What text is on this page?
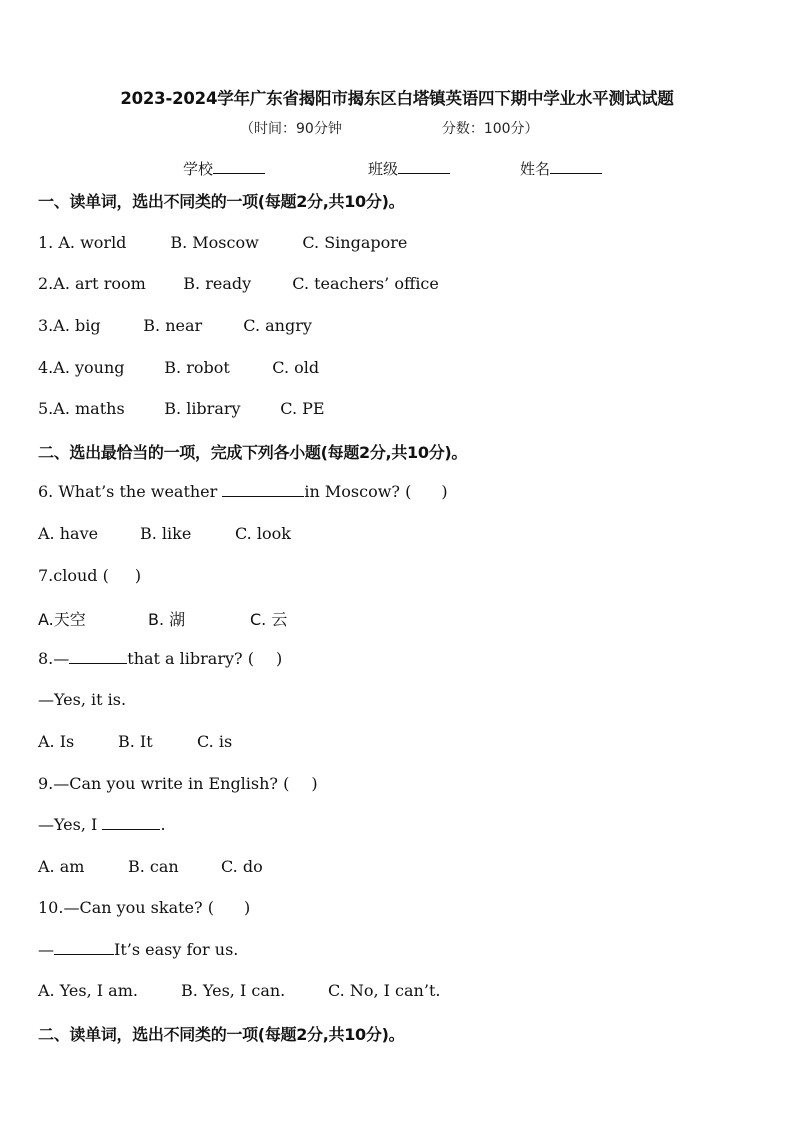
2023-2024学年广东省揭阳市揭东区白塔镇英语四下期中学业水平测试试题
（时间：90分钟	分数：100分）
学校	班级	姓名
一、读单词，选出不同类的一项(每题2分,共10分)。
1. A. world	B. Moscow	C. Singapore
2.A. art room B. ready	C. teachers’ office
3.A. big	B. near	C. angry
4.A. young B. robot	C. old
5.A. maths B. library C. PE
二、选出最恰当的一项，完成下列各小题(每题2分,共10分)。
6. What’s the weather	in Moscow? ( )
A. have	B. like	C. look
7.cloud ( )
A.天空	B. 湖	C. 云
8.—	that a library? ( )
—Yes, it is.
A. Is	B. It	C. is
9.—Can you write in English? ( )
—Yes, I	.
A. am	B. can	C. do
10.—Can you skate? ( )
—	It’s easy for us.
A. Yes, I am.	B. Yes, I can.	C. No, I can’t.
二、读单词，选出不同类的一项(每题2分,共10分)。
